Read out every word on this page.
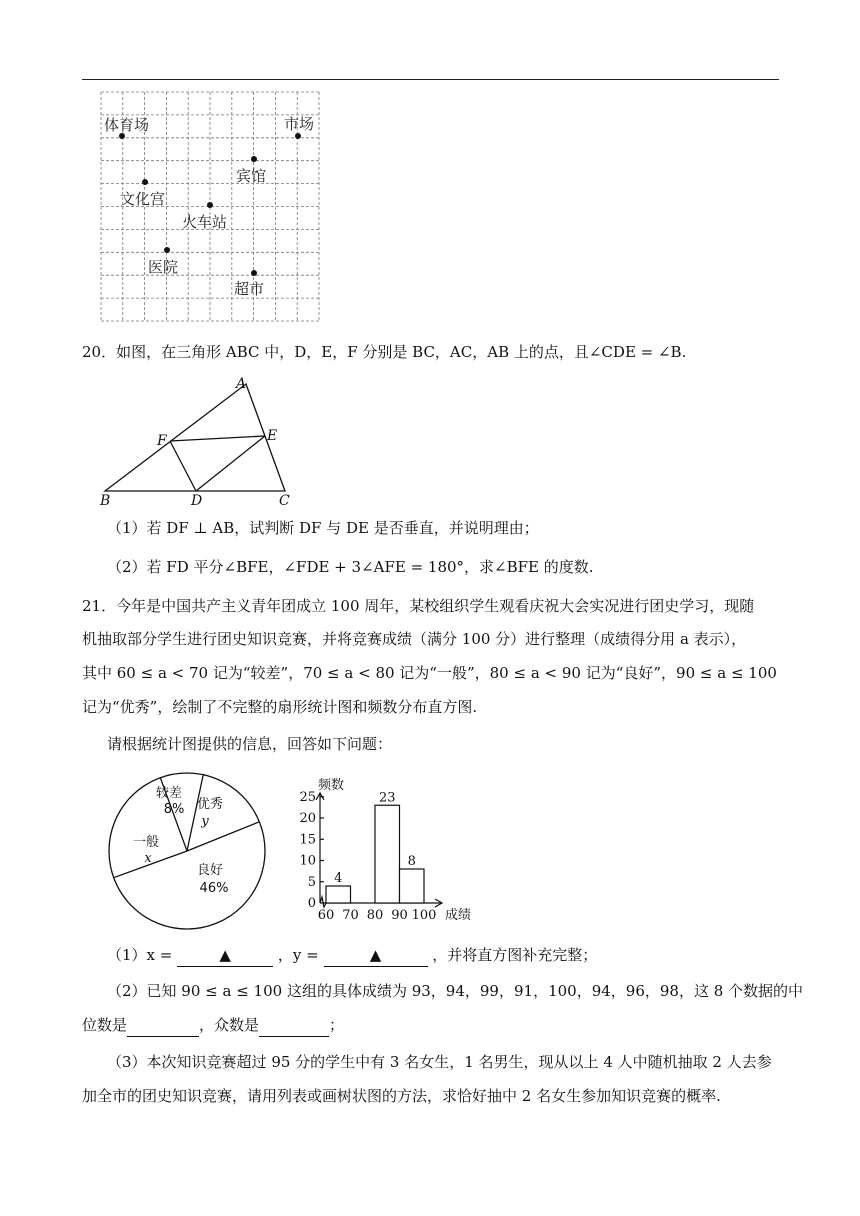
体育场	市场
宾馆
文化宫
火车站
医院
超市
20．如图，在三角形 ABC 中，D，E，F 分别是 BC，AC，AB 上的点，且∠CDE = ∠B.
A
B	C
D
E
F
（1）若 DF ⊥ AB，试判断 DF 与 DE 是否垂直，并说明理由；
（2）若 FD 平分∠BFE，∠FDE + 3∠AFE = 180°，求∠BFE 的度数.
21．今年是中国共产主义青年团成立 100 周年，某校组织学生观看庆祝大会实况进行团史学习，现随
机抽取部分学生进行团史知识竞赛，并将竞赛成绩（满分 100 分）进行整理（成绩得分用 a 表示），
其中 60 ≤ a < 70 记为“较差”，70 ≤ a < 80 记为“一般”，80 ≤ a < 90 记为“良好”，90 ≤ a ≤ 100
记为“优秀”，绘制了不完整的扇形统计图和频数分布直方图.
请根据统计图提供的信息，回答如下问题：
较差
8% 优秀
y
良好
46%
一般
x
0
5
10
15
20
25
60 70 80 90 100
4
23
8
频数
成绩
（1）x =	▲	，y =	▲	，并将直方图补充完整；
（2）已知 90 ≤ a ≤ 100 这组的具体成绩为 93，94，99，91，100，94，96，98，这 8 个数据的中
位数是	，众数是	；
（3）本次知识竞赛超过 95 分的学生中有 3 名女生，1 名男生，现从以上 4 人中随机抽取 2 人去参
加全市的团史知识竞赛，请用列表或画树状图的方法，求恰好抽中 2 名女生参加知识竞赛的概率.
